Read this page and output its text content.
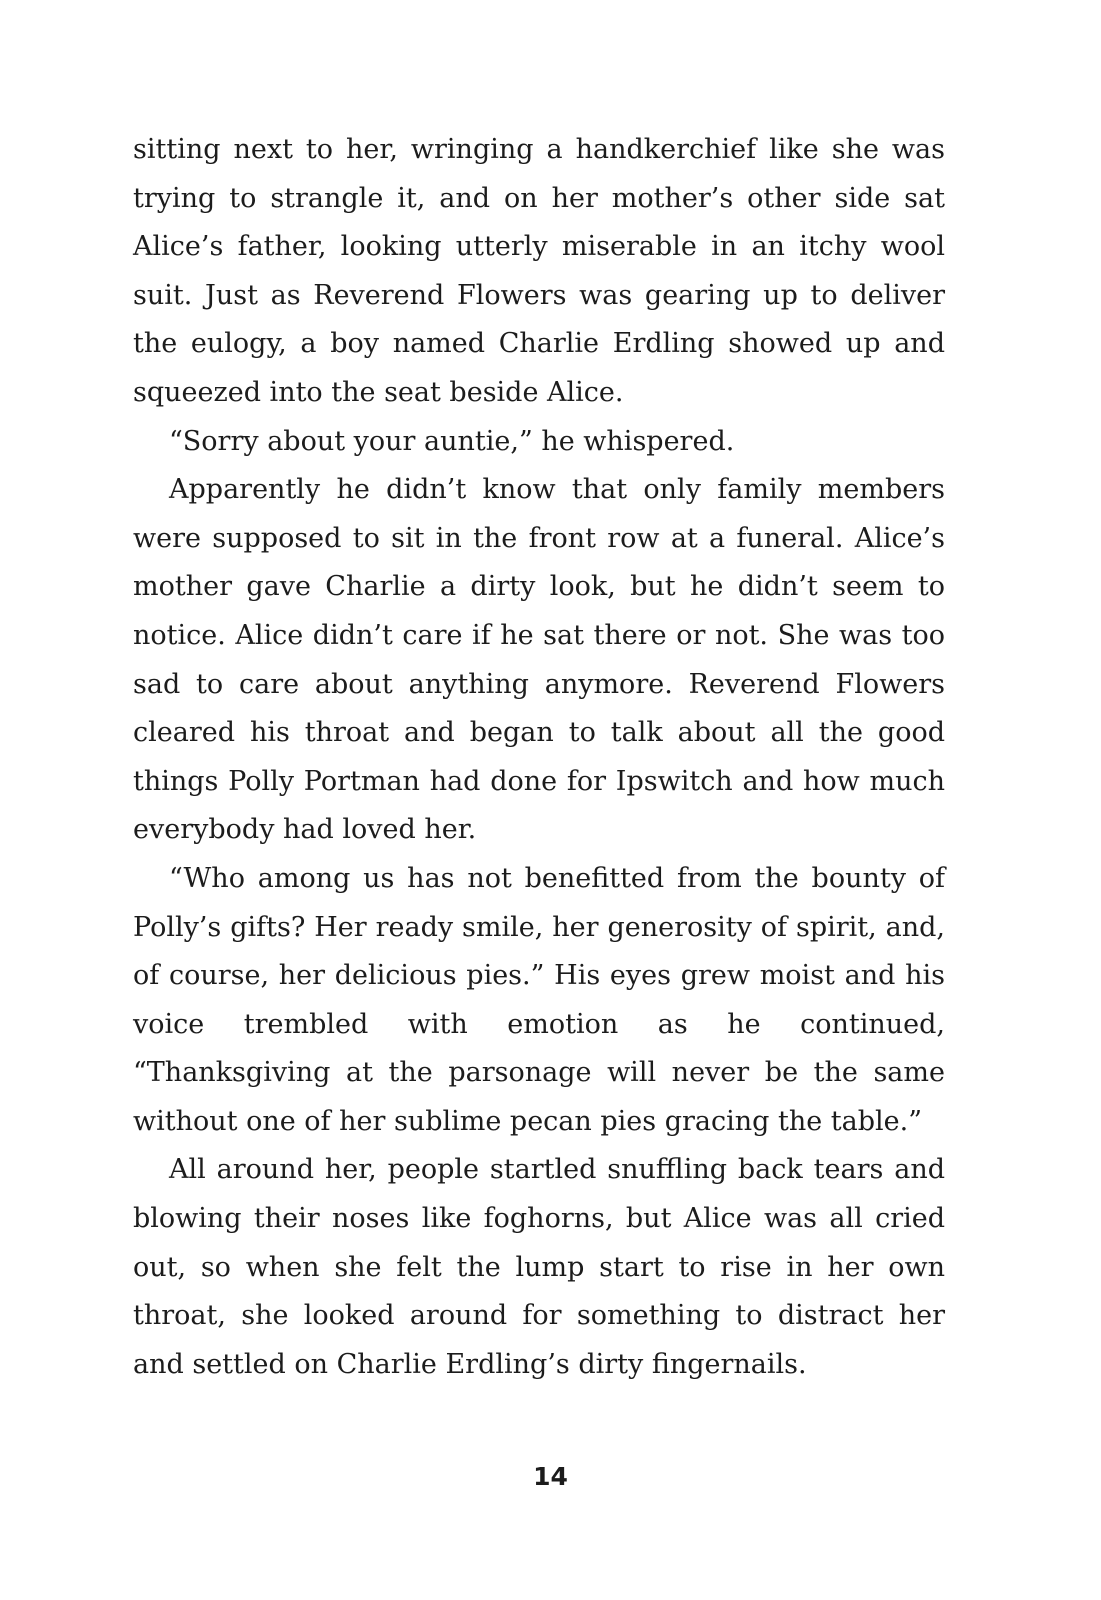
sitting next to her, wringing a handkerchief like she was trying to strangle it, and on her mother’s other side sat Alice’s father, looking utterly miserable in an itchy wool suit. Just as Reverend Flowers was gearing up to deliver the eulogy, a boy named Charlie Erdling showed up and squeezed into the seat beside Alice.

“Sorry about your auntie,” he whispered.

Apparently he didn’t know that only family members were supposed to sit in the front row at a funeral. Alice’s mother gave Charlie a dirty look, but he didn’t seem to notice. Alice didn’t care if he sat there or not. She was too sad to care about anything anymore. Reverend Flowers cleared his throat and began to talk about all the good things Polly Portman had done for Ipswitch and how much everybody had loved her.

“Who among us has not benefitted from the bounty of Polly’s gifts? Her ready smile, her generosity of spirit, and, of course, her delicious pies.” His eyes grew moist and his voice trembled with emotion as he continued, “Thanksgiving at the parsonage will never be the same without one of her sublime pecan pies gracing the table.”

All around her, people startled snuffling back tears and blowing their noses like foghorns, but Alice was all cried out, so when she felt the lump start to rise in her own throat, she looked around for something to distract her and settled on Charlie Erdling’s dirty fingernails.

14
